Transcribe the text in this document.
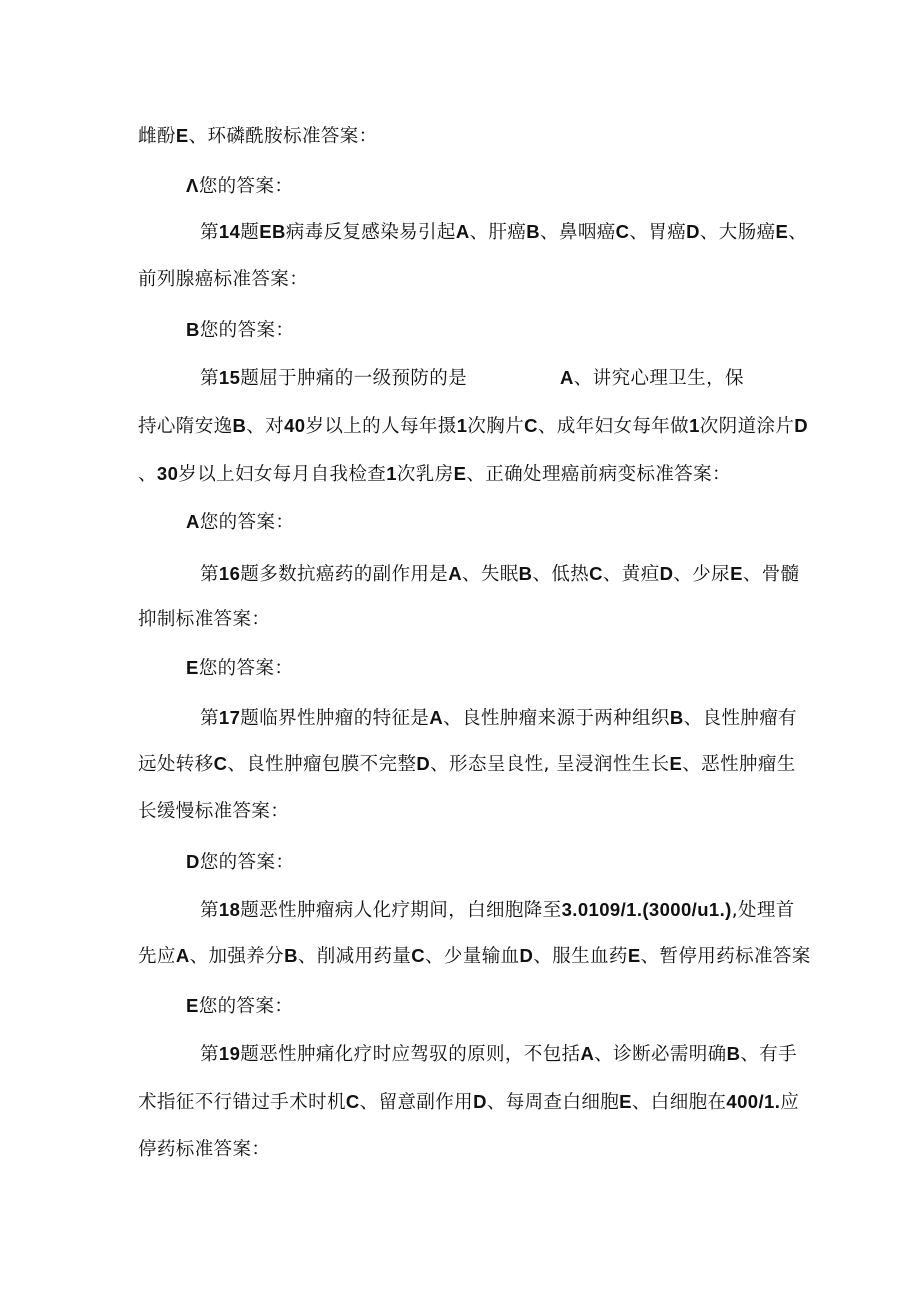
雌酚E、环磷酰胺标准答案：
Λ您的答案：
第14题EB病毒反复感染易引起A、肝癌B、鼻咽癌C、胃癌D、大肠癌E、
前列腺癌标准答案：
B您的答案：
第15题屈于肿痛的一级预防的是	A、讲究心理卫生，保
持心隋安逸B、对40岁以上的人每年摄1次胸片C、成年妇女每年做1次阴道涂片D
、30岁以上妇女每月自我检查1次乳房E、正确处理癌前病变标准答案：
A您的答案：
第16题多数抗癌药的副作用是A、失眠B、低热C、黄疸D、少尿E、骨髓
抑制标准答案：
E您的答案：
第17题临界性肿瘤的特征是A、良性肿瘤来源于两种组织B、良性肿瘤有
远处转移C、良性肿瘤包膜不完整D、形态呈良性, 呈浸润性生长E、恶性肿瘤生
长缓慢标准答案：
D您的答案：
第18题恶性肿瘤病人化疗期间，白细胞降至3.0109/1.(3000/u1.),处理首
先应A、加强养分B、削减用药量C、少量输血D、服生血药E、暂停用药标准答案
E您的答案：
第19题恶性肿痛化疗时应驾驭的原则，不包括A、诊断必需明确B、有手
术指征不行错过手术时机C、留意副作用D、每周查白细胞E、白细胞在400/1.应
停药标准答案：
